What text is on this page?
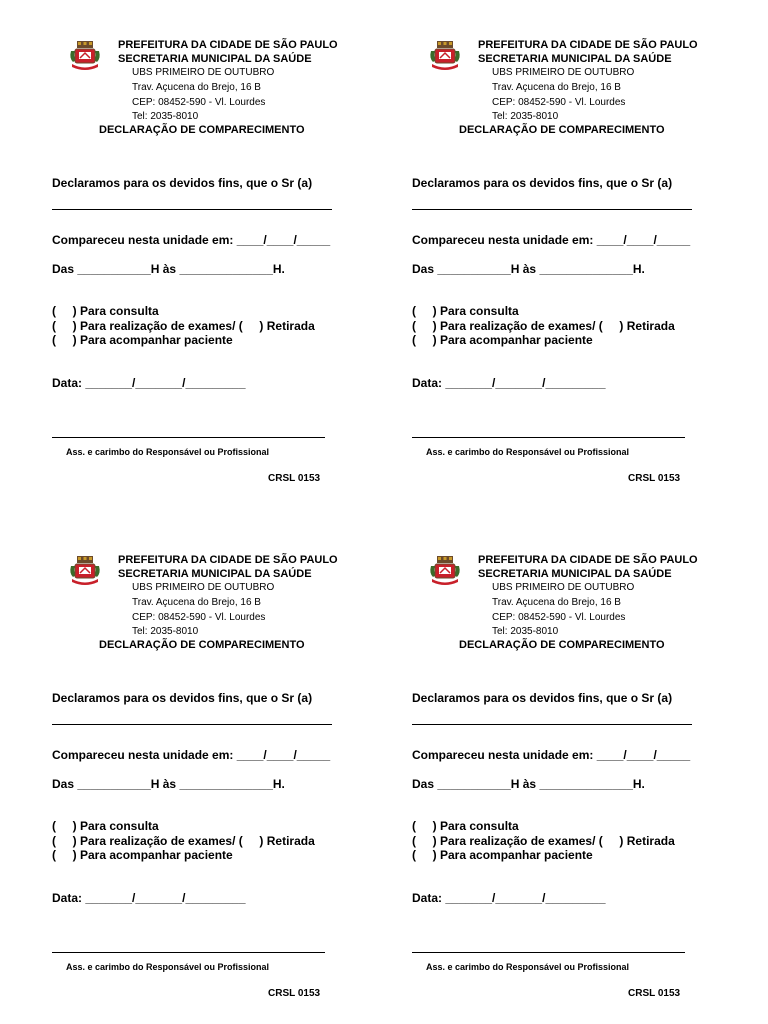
PREFEITURA DA CIDADE DE SÃO PAULO
SECRETARIA MUNICIPAL DA SAÚDE
UBS PRIMEIRO DE OUTUBRO
Trav. Açucena do Brejo, 16 B
CEP: 08452-590 - Vl. Lourdes
Tel: 2035-8010
DECLARAÇÃO DE COMPARECIMENTO
Declaramos para os devidos fins, que o Sr (a)
Compareceu nesta unidade em: ____/____/_____
Das ___________H às ______________H.
(     ) Para consulta
(     ) Para realização de exames/ (     ) Retirada
(     ) Para acompanhar paciente
Data: _______/_______/_________
Ass. e carimbo do Responsável ou Profissional
CRSL 0153
PREFEITURA DA CIDADE DE SÃO PAULO
SECRETARIA MUNICIPAL DA SAÚDE
UBS PRIMEIRO DE OUTUBRO
Trav. Açucena do Brejo, 16 B
CEP: 08452-590 - Vl. Lourdes
Tel: 2035-8010
DECLARAÇÃO DE COMPARECIMENTO
Declaramos para os devidos fins, que o Sr (a)
Compareceu nesta unidade em: ____/____/_____
Das ___________H às ______________H.
(     ) Para consulta
(     ) Para realização de exames/ (     ) Retirada
(     ) Para acompanhar paciente
Data: _______/_______/_________
Ass. e carimbo do Responsável ou Profissional
CRSL 0153
PREFEITURA DA CIDADE DE SÃO PAULO
SECRETARIA MUNICIPAL DA SAÚDE
UBS PRIMEIRO DE OUTUBRO
Trav. Açucena do Brejo, 16 B
CEP: 08452-590 - Vl. Lourdes
Tel: 2035-8010
DECLARAÇÃO DE COMPARECIMENTO
Declaramos para os devidos fins, que o Sr (a)
Compareceu nesta unidade em: ____/____/_____
Das ___________H às ______________H.
(     ) Para consulta
(     ) Para realização de exames/ (     ) Retirada
(     ) Para acompanhar paciente
Data: _______/_______/_________
Ass. e carimbo do Responsável ou Profissional
CRSL 0153
PREFEITURA DA CIDADE DE SÃO PAULO
SECRETARIA MUNICIPAL DA SAÚDE
UBS PRIMEIRO DE OUTUBRO
Trav. Açucena do Brejo, 16 B
CEP: 08452-590 - Vl. Lourdes
Tel: 2035-8010
DECLARAÇÃO DE COMPARECIMENTO
Declaramos para os devidos fins, que o Sr (a)
Compareceu nesta unidade em: ____/____/_____
Das ___________H às ______________H.
(     ) Para consulta
(     ) Para realização de exames/ (     ) Retirada
(     ) Para acompanhar paciente
Data: _______/_______/_________
Ass. e carimbo do Responsável ou Profissional
CRSL 0153
